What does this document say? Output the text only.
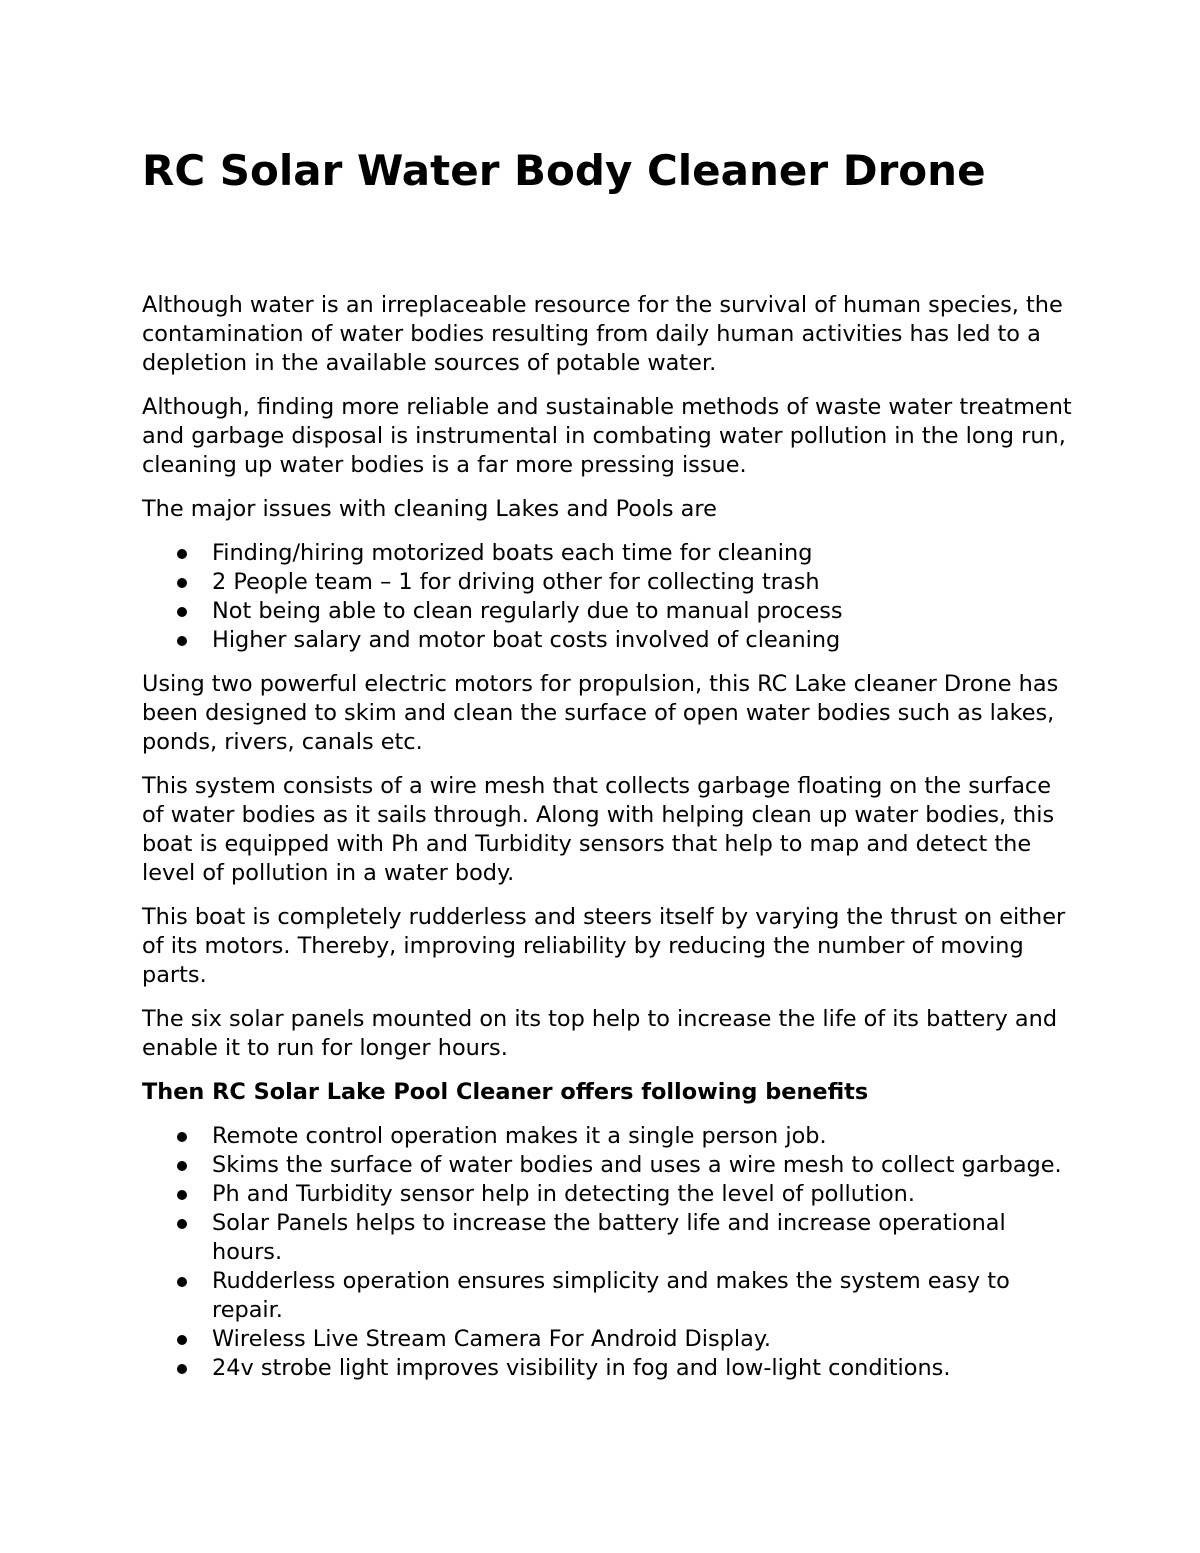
RC Solar Water Body Cleaner Drone

Although water is an irreplaceable resource for the survival of human species, the contamination of water bodies resulting from daily human activities has led to a depletion in the available sources of potable water.

Although, finding more reliable and sustainable methods of waste water treatment and garbage disposal is instrumental in combating water pollution in the long run, cleaning up water bodies is a far more pressing issue.

The major issues with cleaning Lakes and Pools are

Finding/hiring motorized boats each time for cleaning
2 People team – 1 for driving other for collecting trash
Not being able to clean regularly due to manual process
Higher salary and motor boat costs involved of cleaning

Using two powerful electric motors for propulsion, this RC Lake cleaner Drone has been designed to skim and clean the surface of open water bodies such as lakes, ponds, rivers, canals etc.

This system consists of a wire mesh that collects garbage floating on the surface of water bodies as it sails through. Along with helping clean up water bodies, this boat is equipped with Ph and Turbidity sensors that help to map and detect the level of pollution in a water body.

This boat is completely rudderless and steers itself by varying the thrust on either of its motors. Thereby, improving reliability by reducing the number of moving parts.

The six solar panels mounted on its top help to increase the life of its battery and enable it to run for longer hours.

Then RC Solar Lake Pool Cleaner offers following benefits
Remote control operation makes it a single person job.
Skims the surface of water bodies and uses a wire mesh to collect garbage.
Ph and Turbidity sensor help in detecting the level of pollution.
Solar Panels helps to increase the battery life and increase operational hours.
Rudderless operation ensures simplicity and makes the system easy to repair.
Wireless Live Stream Camera For Android Display.
24v strobe light improves visibility in fog and low-light conditions.
